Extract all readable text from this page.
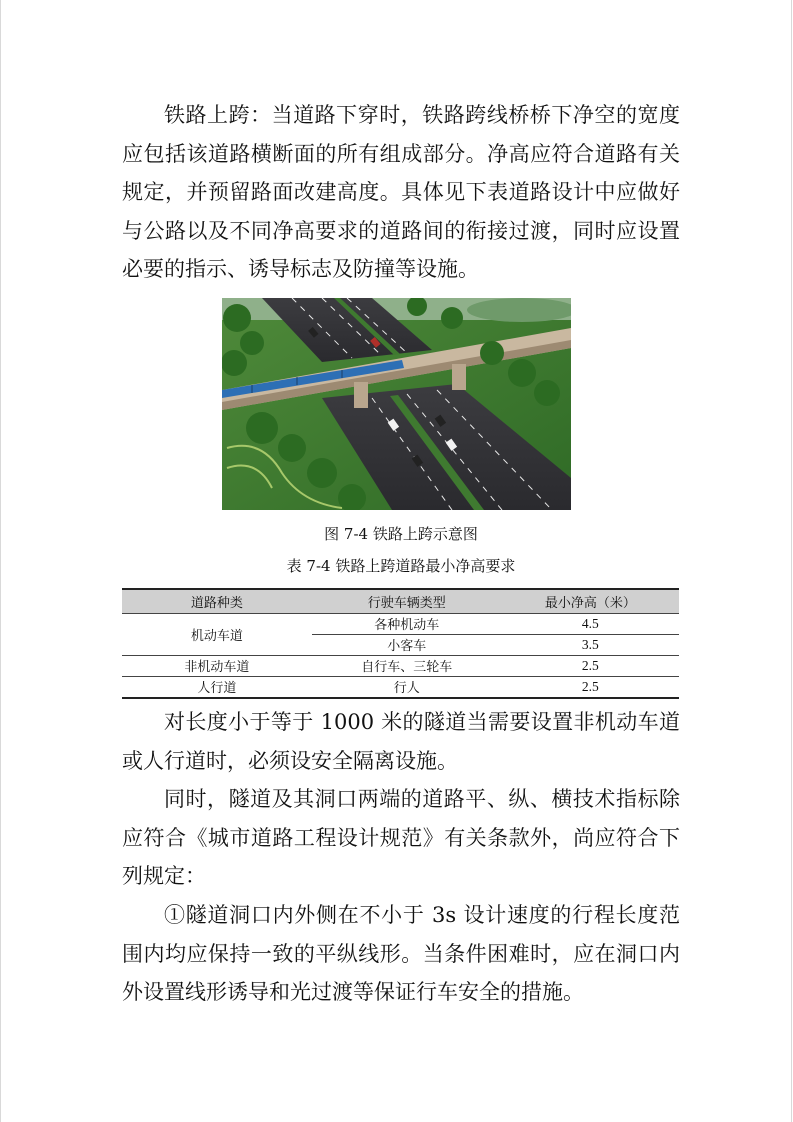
铁路上跨：当道路下穿时，铁路跨线桥桥下净空的宽度应包括该道路横断面的所有组成部分。净高应符合道路有关规定，并预留路面改建高度。具体见下表道路设计中应做好与公路以及不同净高要求的道路间的衔接过渡，同时应设置必要的指示、诱导标志及防撞等设施。

图 7-4 铁路上跨示意图

表 7-4 铁路上跨道路最小净高要求

道路种类	行驶车辆类型	最小净高（米）
机动车道	各种机动车	4.5
	小客车	3.5
非机动车道	自行车、三轮车	2.5
人行道	行人	2.5

对长度小于等于 1000 米的隧道当需要设置非机动车道或人行道时，必须设安全隔离设施。

同时，隧道及其洞口两端的道路平、纵、横技术指标除应符合《城市道路工程设计规范》有关条款外，尚应符合下列规定：

①隧道洞口内外侧在不小于 3s 设计速度的行程长度范围内均应保持一致的平纵线形。当条件困难时，应在洞口内外设置线形诱导和光过渡等保证行车安全的措施。
